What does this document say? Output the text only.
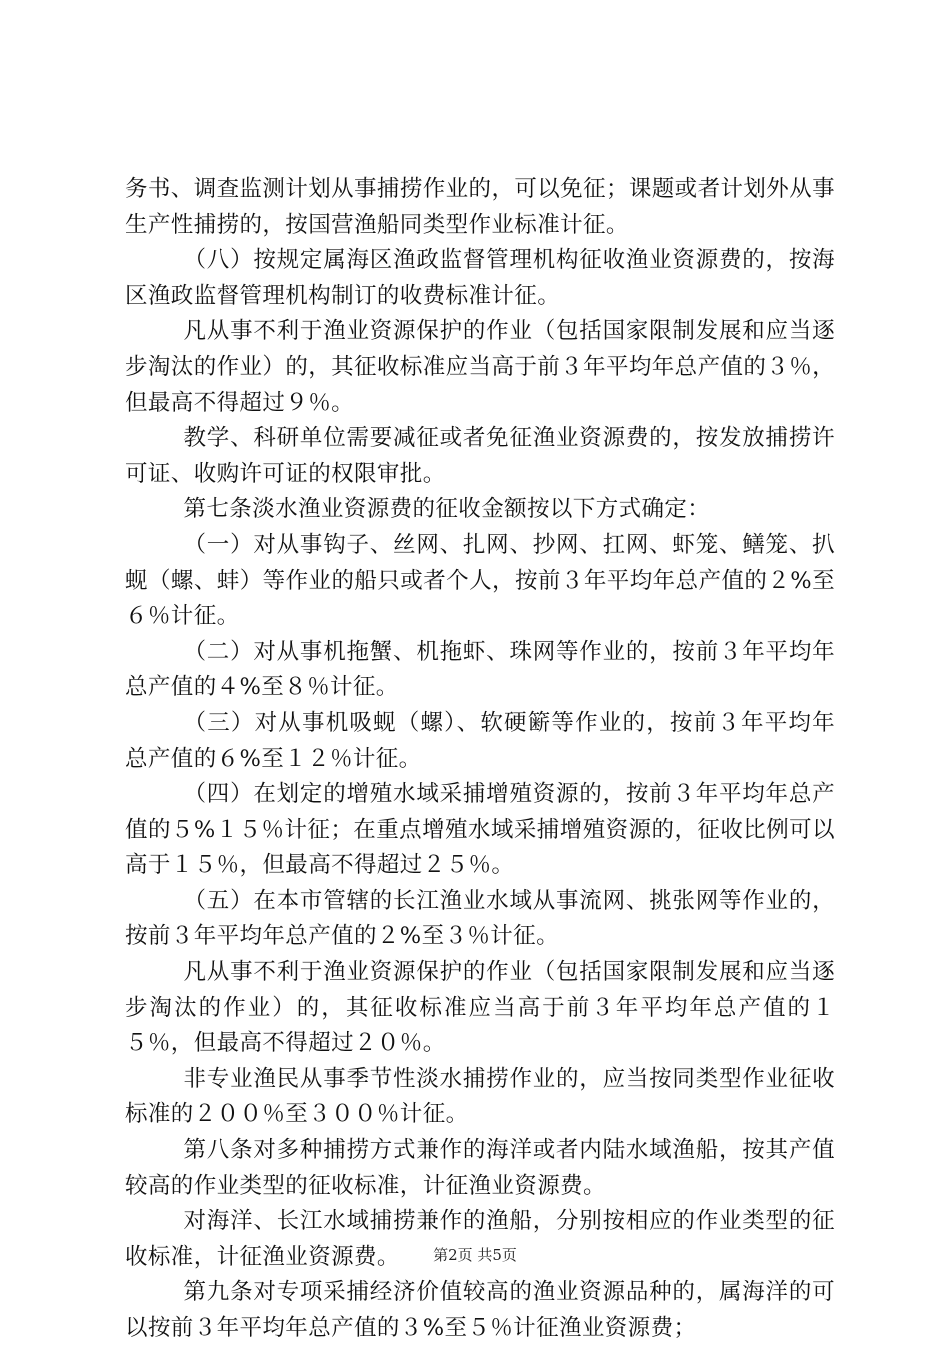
务书、调查监测计划从事捕捞作业的，可以免征；课题或者计划外从事生产性捕捞的，按国营渔船同类型作业标准计征。

（八）按规定属海区渔政监督管理机构征收渔业资源费的，按海区渔政监督管理机构制订的收费标准计征。

凡从事不利于渔业资源保护的作业（包括国家限制发展和应当逐步淘汰的作业）的，其征收标准应当高于前３年平均年总产值的３％，但最高不得超过９％。

教学、科研单位需要减征或者免征渔业资源费的，按发放捕捞许可证、收购许可证的权限审批。

第七条淡水渔业资源费的征收金额按以下方式确定：

（一）对从事钩子、丝网、扎网、抄网、扛网、虾笼、鳝笼、扒蚬（螺、蚌）等作业的船只或者个人，按前３年平均年总产值的２%至６％计征。

（二）对从事机拖蟹、机拖虾、珠网等作业的，按前３年平均年总产值的４%至８％计征。

（三）对从事机吸蚬（螺）、软硬簖等作业的，按前３年平均年总产值的６%至１２％计征。

（四）在划定的增殖水域采捕增殖资源的，按前３年平均年总产值的５%１５％计征；在重点增殖水域采捕增殖资源的，征收比例可以高于１５％，但最高不得超过２５％。

（五）在本市管辖的长江渔业水域从事流网、挑张网等作业的，按前３年平均年总产值的２%至３％计征。

凡从事不利于渔业资源保护的作业（包括国家限制发展和应当逐步淘汰的作业）的，其征收标准应当高于前３年平均年总产值的１５％，但最高不得超过２０％。

非专业渔民从事季节性淡水捕捞作业的，应当按同类型作业征收标准的２００％至３００％计征。

第八条对多种捕捞方式兼作的海洋或者内陆水域渔船，按其产值较高的作业类型的征收标准，计征渔业资源费。

对海洋、长江水域捕捞兼作的渔船，分别按相应的作业类型的征收标准，计征渔业资源费。

第九条对专项采捕经济价值较高的渔业资源品种的，属海洋的可以按前３年平均年总产值的３%至５％计征渔业资源费；

第2页 共5页
